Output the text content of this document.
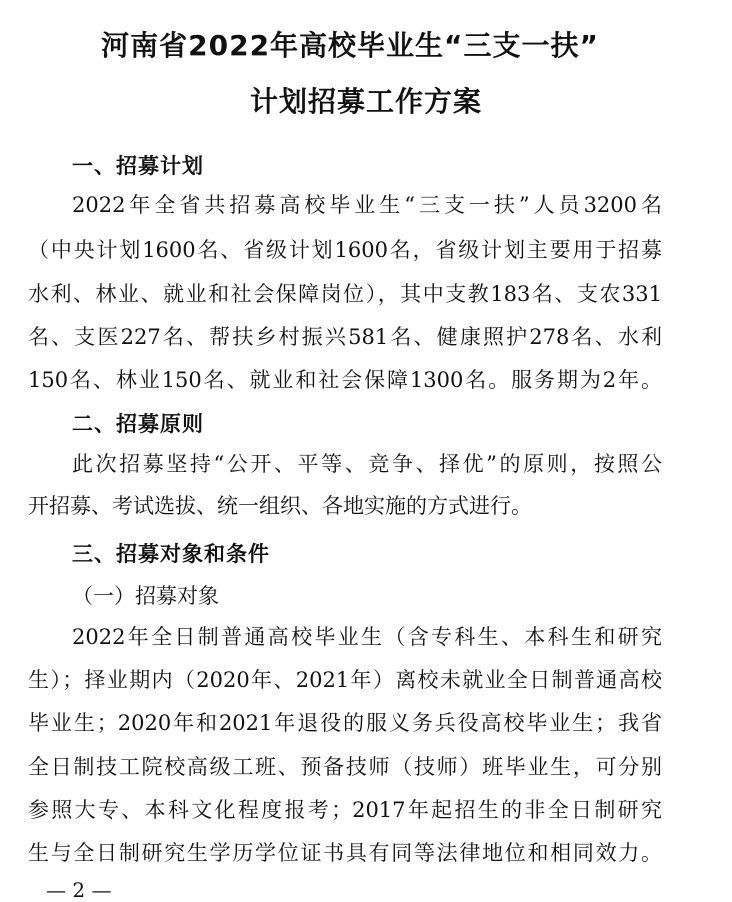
河南省2022年高校毕业生“三支一扶”
计划招募工作方案
一、招募计划
2022年全省共招募高校毕业生“三支一扶”人员3200名
（中央计划1600名、省级计划1600名，省级计划主要用于招募
水利、林业、就业和社会保障岗位），其中支教183名、支农331
名、支医227名、帮扶乡村振兴581名、健康照护278名、水利
150名、林业150名、就业和社会保障1300名。服务期为2年。
二、招募原则
此次招募坚持“公开、平等、竞争、择优”的原则，按照公
开招募、考试选拔、统一组织、各地实施的方式进行。
三、招募对象和条件
（一）招募对象
2022年全日制普通高校毕业生（含专科生、本科生和研究
生）；择业期内（2020年、2021年）离校未就业全日制普通高校
毕业生；2020年和2021年退役的服义务兵役高校毕业生；我省
全日制技工院校高级工班、预备技师（技师）班毕业生，可分别
参照大专、本科文化程度报考；2017年起招生的非全日制研究
生与全日制研究生学历学位证书具有同等法律地位和相同效力。
— 2 —
